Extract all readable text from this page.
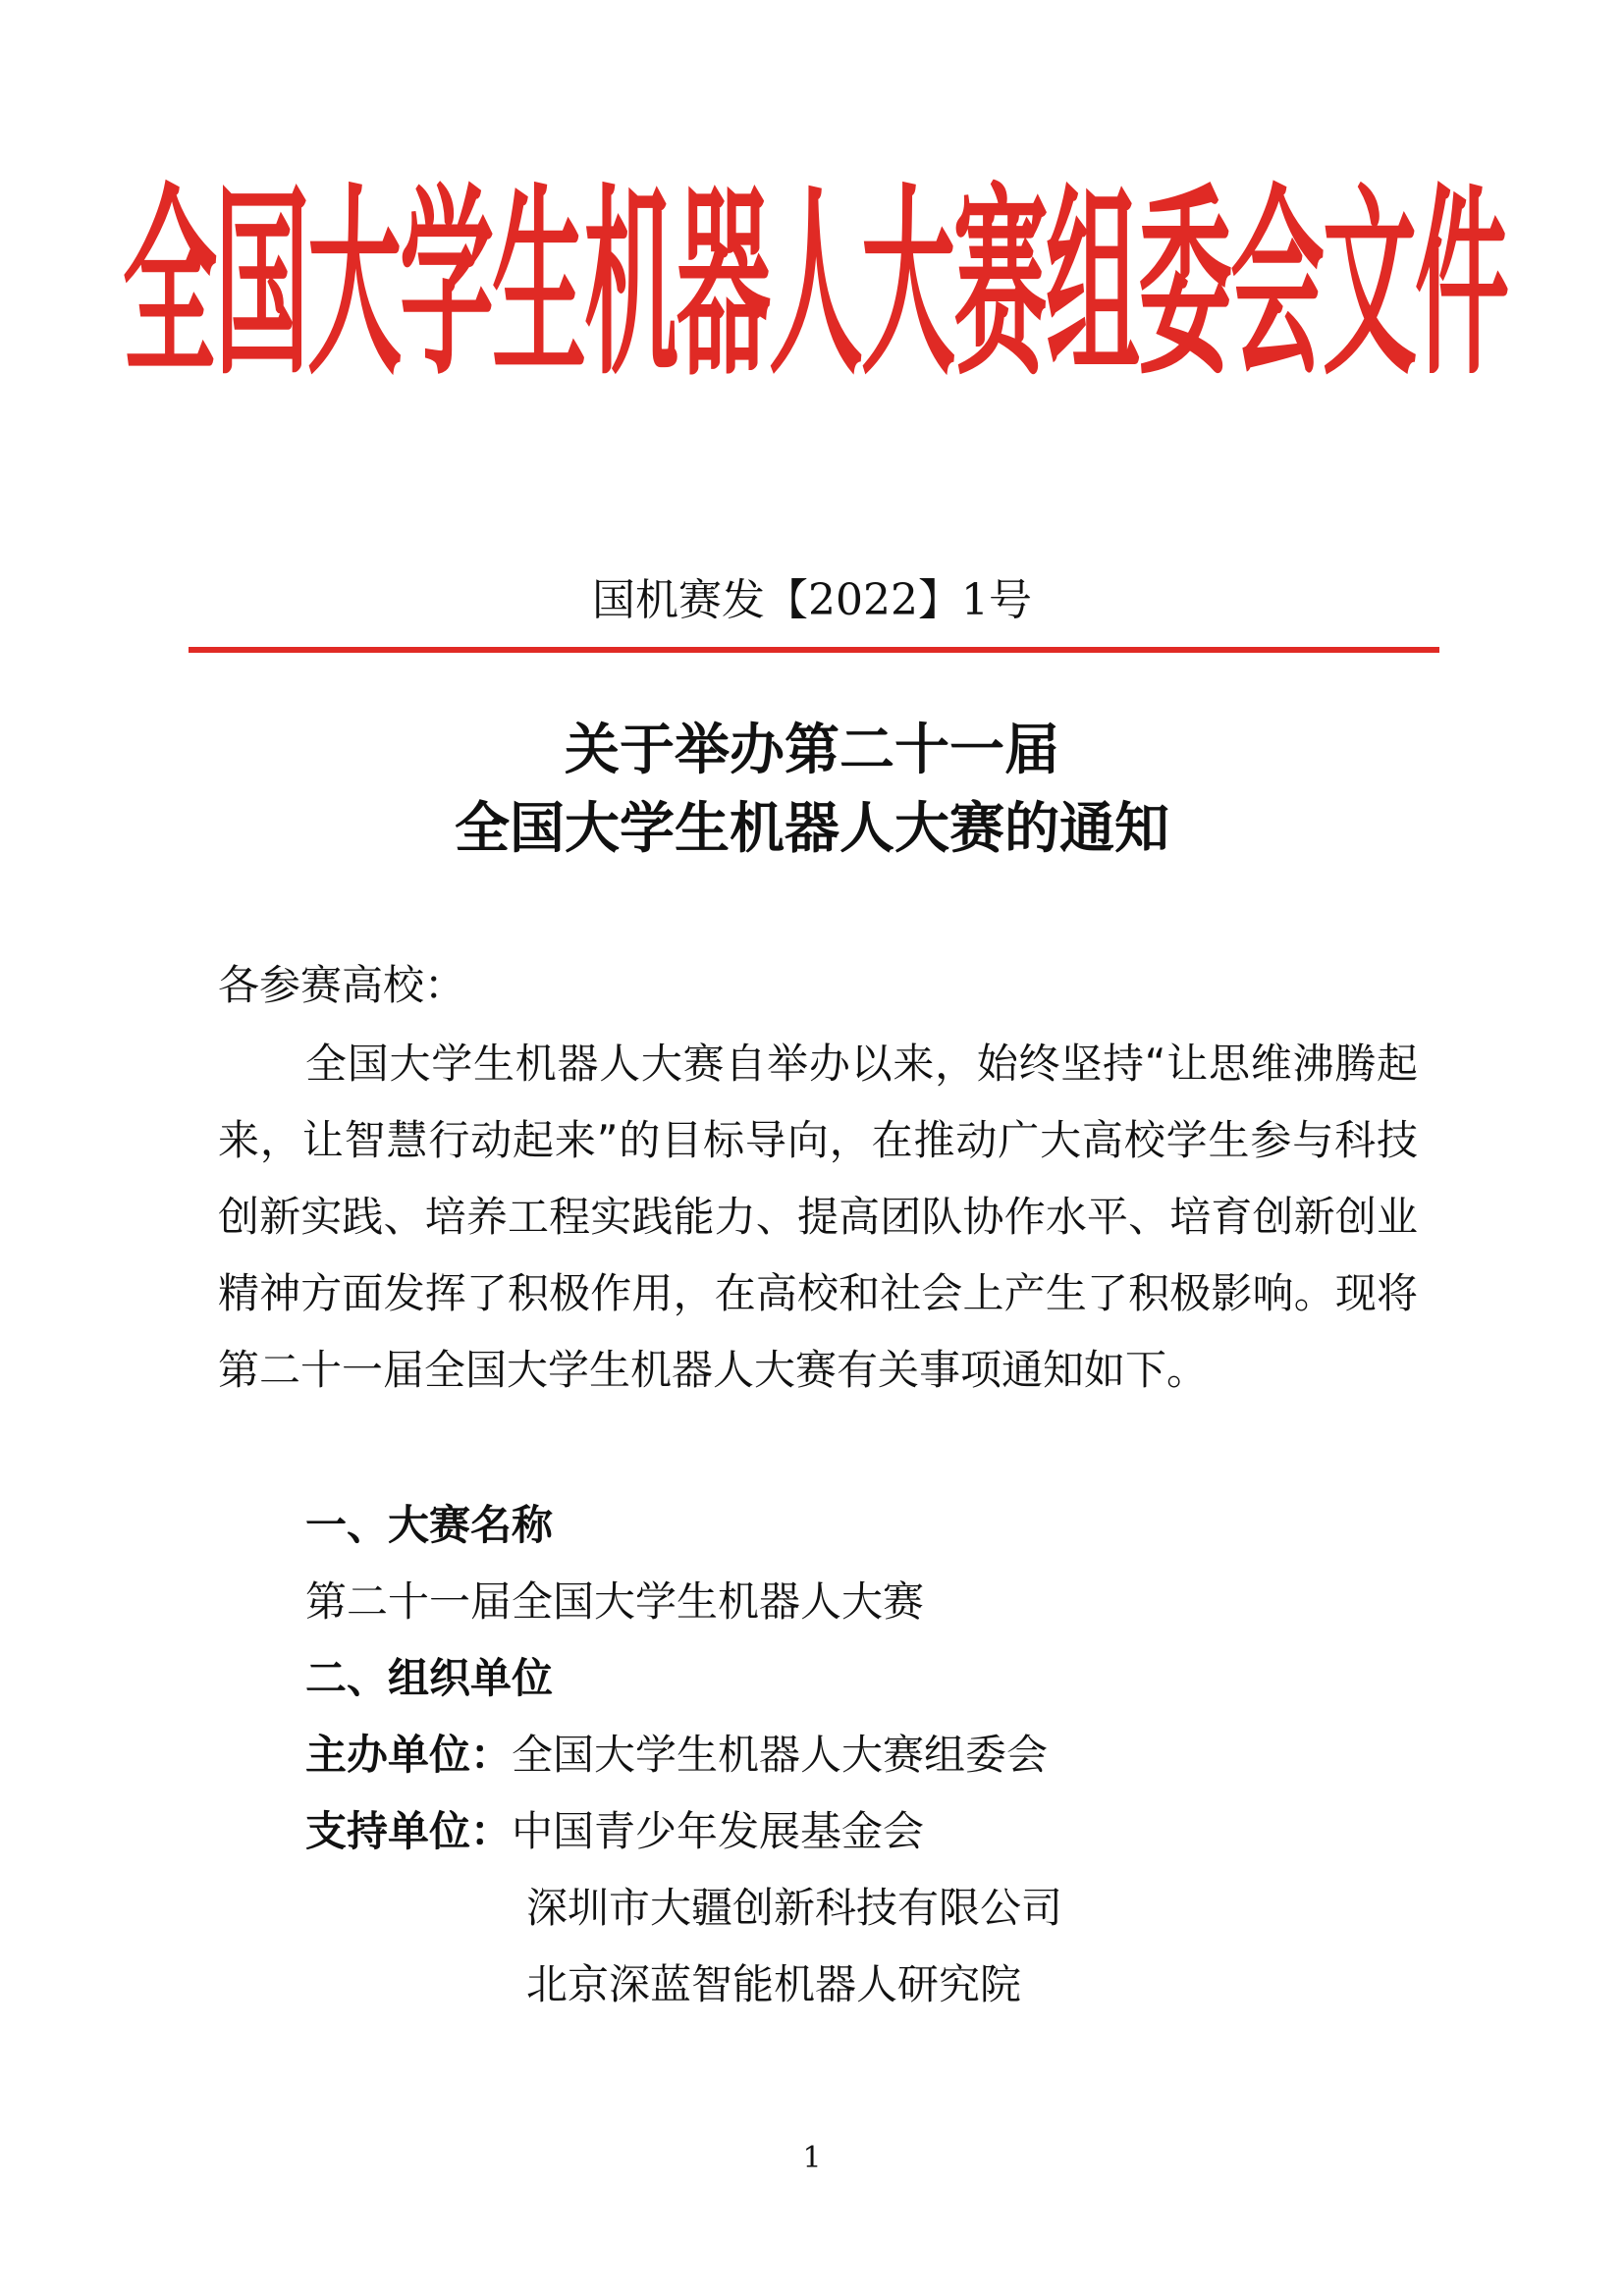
全国大学生机器人大赛组委会文件
国机赛发【2022】1号
关于举办第二十一届
全国大学生机器人大赛的通知
各参赛高校：
全国大学生机器人大赛自举办以来，始终坚持“让思维沸腾起来，让智慧行动起来”的目标导向，在推动广大高校学生参与科技创新实践、培养工程实践能力、提高团队协作水平、培育创新创业精神方面发挥了积极作用，在高校和社会上产生了积极影响。现将第二十一届全国大学生机器人大赛有关事项通知如下。
一、大赛名称
第二十一届全国大学生机器人大赛
二、组织单位
主办单位：全国大学生机器人大赛组委会
支持单位：中国青少年发展基金会
深圳市大疆创新科技有限公司
北京深蓝智能机器人研究院
1
